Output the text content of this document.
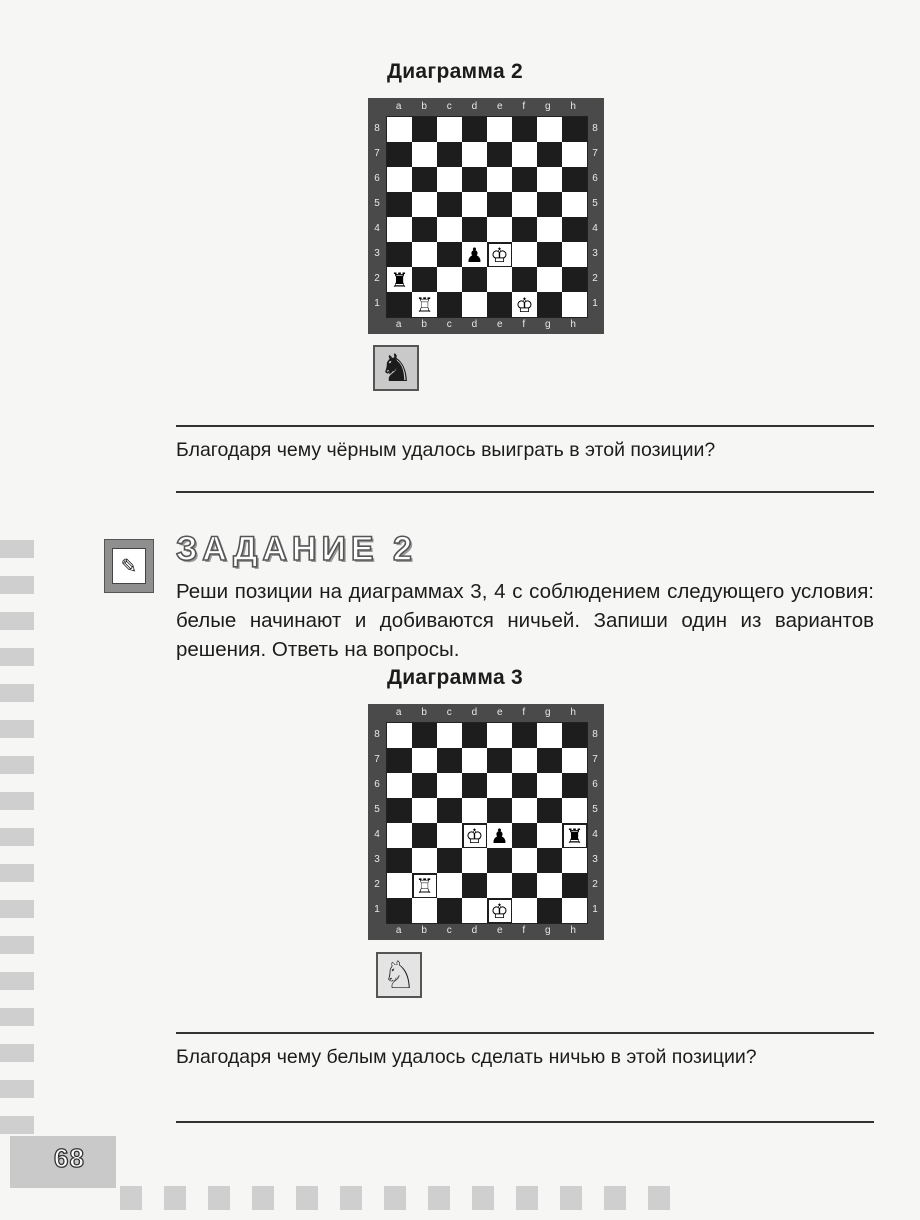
Диаграмма 2
a b c d e f g h
a b c d e f g h
8
7
6
5
4
3
2
1
8
7
6
5
4
3
2
1
♟ ♔
♜
♖	♔
♞
Благодаря чему чёрным удалось выиграть в этой позиции?
✎ ЗАДАНИЕ 2
Реши позиции на диаграммах 3, 4 с соблюдением следующего условия: белые начинают и добиваются ничьей. Запиши один из вариантов решения. Ответь на вопросы.
Диаграмма 3
a b c d e f g h
a b c d e f g h
8
7
6
5
4
3
2
1
8
7
6
5
4
3
2
1
♔ ♟	♜
♖
♔
♘
Благодаря чему белым удалось сделать ничью в этой позиции?
68
